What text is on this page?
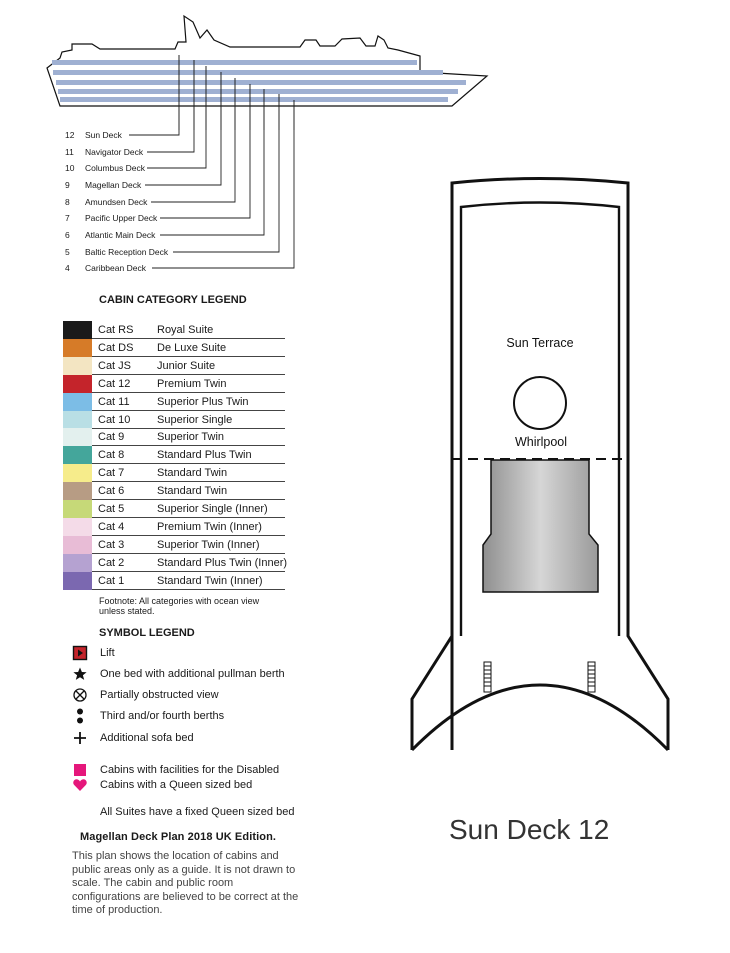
12 Sun Deck
11 Navigator Deck
10 Columbus Deck
9 Magellan Deck
8 Amundsen Deck
7 Pacific Upper Deck
6 Atlantic Main Deck
5 Baltic Reception Deck
4 Caribbean Deck
CABIN CATEGORY LEGEND
Cat RS Royal Suite
Cat DS De Luxe Suite
Cat JS Junior Suite
Cat 12 Premium Twin
Cat 11 Superior Plus Twin
Cat 10 Superior Single
Cat 9	Superior Twin
Cat 8	Standard Plus Twin
Cat 7	Standard Twin
Cat 6	Standard Twin
Cat 5	Superior Single (Inner)
Cat 4	Premium Twin (Inner)
Cat 3	Superior Twin (Inner)
Cat 2	Standard Plus Twin (Inner)
Cat 1	Standard Twin (Inner)
Footnote: All categories with ocean view
unless stated.
SYMBOL LEGEND
Lift
One bed with additional pullman berth
Partially obstructed view
Third and/or fourth berths
Additional sofa bed
Cabins with facilities for the Disabled
Cabins with a Queen sized bed
All Suites have a fixed Queen sized bed
Magellan Deck Plan 2018 UK Edition.
This plan shows the location of cabins and public areas only as a guide. It is not drawn to scale. The cabin and public room configurations are believed to be correct at the time of production.
Sun Terrace
Whirlpool
Sun Deck 12
